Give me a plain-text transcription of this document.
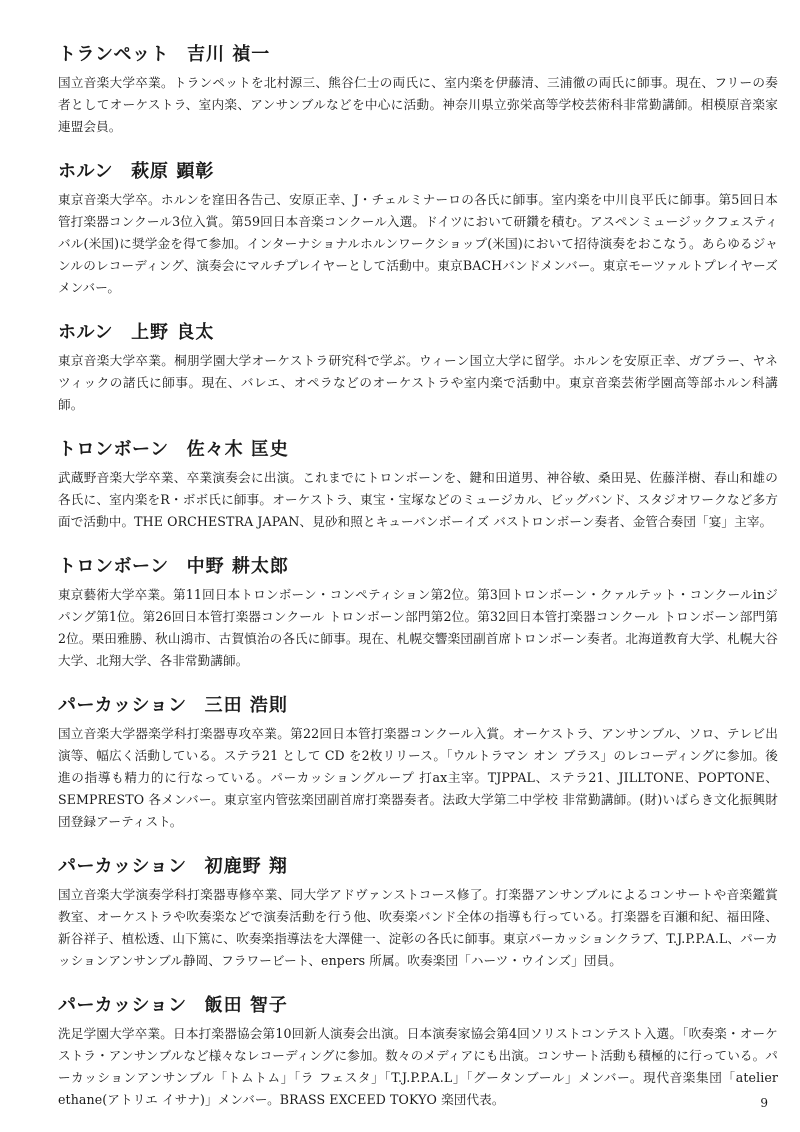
トランペット 吉川 禎一

国立音楽大学卒業。トランペットを北村源三、熊谷仁士の両氏に、室内楽を伊藤清、三浦徹の両氏に師事。現在、フリーの奏者としてオーケストラ、室内楽、アンサンブルなどを中心に活動。神奈川県立弥栄高等学校芸術科非常勤講師。相模原音楽家連盟会員。

ホルン 萩原 顕彰

東京音楽大学卒。ホルンを窪田各告己、安原正幸、J・チェルミナーロの各氏に師事。室内楽を中川良平氏に師事。第5回日本管打楽器コンクール3位入賞。第59回日本音楽コンクール入選。ドイツにおいて研鑽を積む。アスペンミュージックフェスティバル(米国)に奨学金を得て参加。インターナショナルホルンワークショップ(米国)において招待演奏をおこなう。あらゆるジャンルのレコーディング、演奏会にマルチプレイヤーとして活動中。東京BACHバンドメンバー。東京モーツァルトプレイヤーズメンバー。

ホルン 上野 良太

東京音楽大学卒業。桐朋学園大学オーケストラ研究科で学ぶ。ウィーン国立大学に留学。ホルンを安原正幸、ガブラー、ヤネツィックの諸氏に師事。現在、バレエ、オペラなどのオーケストラや室内楽で活動中。東京音楽芸術学園高等部ホルン科講師。

トロンボーン 佐々木 匡史

武蔵野音楽大学卒業、卒業演奏会に出演。これまでにトロンボーンを、鍵和田道男、神谷敏、桑田晃、佐藤洋樹、春山和雄の各氏に、室内楽をR・ボボ氏に師事。オーケストラ、東宝・宝塚などのミュージカル、ビッグバンド、スタジオワークなど多方面で活動中。THE ORCHESTRA JAPAN、見砂和照とキューバンボーイズ バストロンボーン奏者、金管合奏団「宴」主宰。

トロンボーン 中野 耕太郎

東京藝術大学卒業。第11回日本トロンボーン・コンペティション第2位。第3回トロンボーン・クァルテット・コンクールinジパング第1位。第26回日本管打楽器コンクール トロンボーン部門第2位。第32回日本管打楽器コンクール トロンボーン部門第2位。栗田雅勝、秋山鴻市、古賀慎治の各氏に師事。現在、札幌交響楽団副首席トロンボーン奏者。北海道教育大学、札幌大谷大学、北翔大学、各非常勤講師。

パーカッション 三田 浩則

国立音楽大学器楽学科打楽器専攻卒業。第22回日本管打楽器コンクール入賞。オーケストラ、アンサンブル、ソロ、テレビ出演等、幅広く活動している。ステラ21 として CD を2枚リリース。「ウルトラマン オン ブラス」のレコーディングに参加。後進の指導も精力的に行なっている。パーカッショングループ 打ax主宰。TJPPAL、ステラ21、JILLTONE、POPTONE、SEMPRESTO 各メンバー。東京室内管弦楽団副首席打楽器奏者。法政大学第二中学校 非常勤講師。(財)いばらき文化振興財団登録アーティスト。

パーカッション 初鹿野 翔

国立音楽大学演奏学科打楽器専修卒業、同大学アドヴァンストコース修了。打楽器アンサンブルによるコンサートや音楽鑑賞教室、オーケストラや吹奏楽などで演奏活動を行う他、吹奏楽バンド全体の指導も行っている。打楽器を百瀬和紀、福田隆、新谷祥子、植松透、山下篤に、吹奏楽指導法を大澤健一、淀彰の各氏に師事。東京パーカッションクラブ、T.J.P.P.A.L、パーカッションアンサンブル静岡、フラワービート、enpers 所属。吹奏楽団「ハーツ・ウインズ」団員。

パーカッション 飯田 智子

洗足学園大学卒業。日本打楽器協会第10回新人演奏会出演。日本演奏家協会第4回ソリストコンテスト入選。「吹奏楽・オーケストラ・アンサンブルなど様々なレコーディングに参加。数々のメディアにも出演。コンサート活動も積極的に行っている。パーカッションアンサンブル「トムトム」「ラ フェスタ」「T.J.P.P.A.L」「グータンブール」メンバー。現代音楽集団「atelier ethane(アトリエ イサナ)」メンバー。BRASS EXCEED TOKYO 楽団代表。	9
